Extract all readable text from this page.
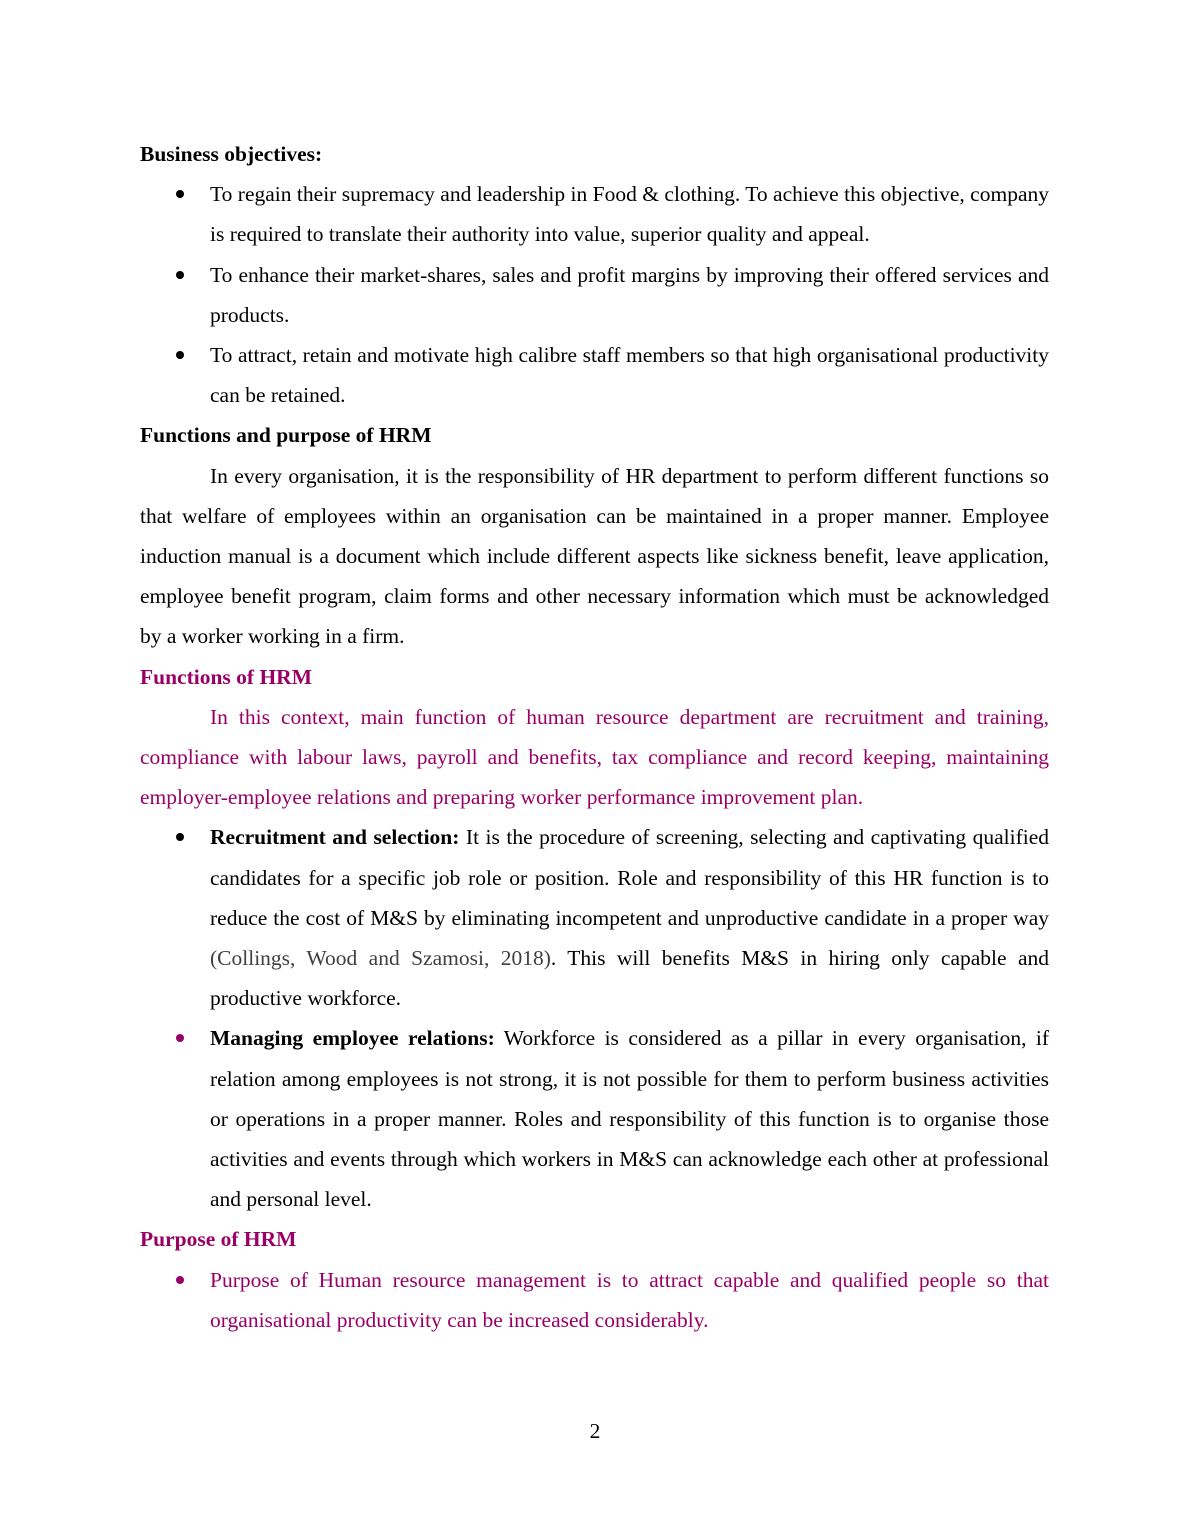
Business objectives:
To regain their supremacy and leadership in Food & clothing. To achieve this objective, company is required to translate their authority into value, superior quality and appeal.
To enhance their market-shares, sales and profit margins by improving their offered services and products.
To attract, retain and motivate high calibre staff members so that high organisational productivity can be retained.
Functions and purpose of HRM

In every organisation, it is the responsibility of HR department to perform different functions so that welfare of employees within an organisation can be maintained in a proper manner. Employee induction manual is a document which include different aspects like sickness benefit, leave application, employee benefit program, claim forms and other necessary information which must be acknowledged by a worker working in a firm.

Functions of HRM

In this context, main function of human resource department are recruitment and training, compliance with labour laws, payroll and benefits, tax compliance and record keeping, maintaining employer-employee relations and preparing worker performance improvement plan.

Recruitment and selection: It is the procedure of screening, selecting and captivating qualified candidates for a specific job role or position. Role and responsibility of this HR function is to reduce the cost of M&S by eliminating incompetent and unproductive candidate in a proper way (Collings, Wood and Szamosi, 2018). This will benefits M&S in hiring only capable and productive workforce.
Managing employee relations: Workforce is considered as a pillar in every organisation, if relation among employees is not strong, it is not possible for them to perform business activities or operations in a proper manner. Roles and responsibility of this function is to organise those activities and events through which workers in M&S can acknowledge each other at professional and personal level.
Purpose of HRM
Purpose of Human resource management is to attract capable and qualified people so that organisational productivity can be increased considerably.
2
